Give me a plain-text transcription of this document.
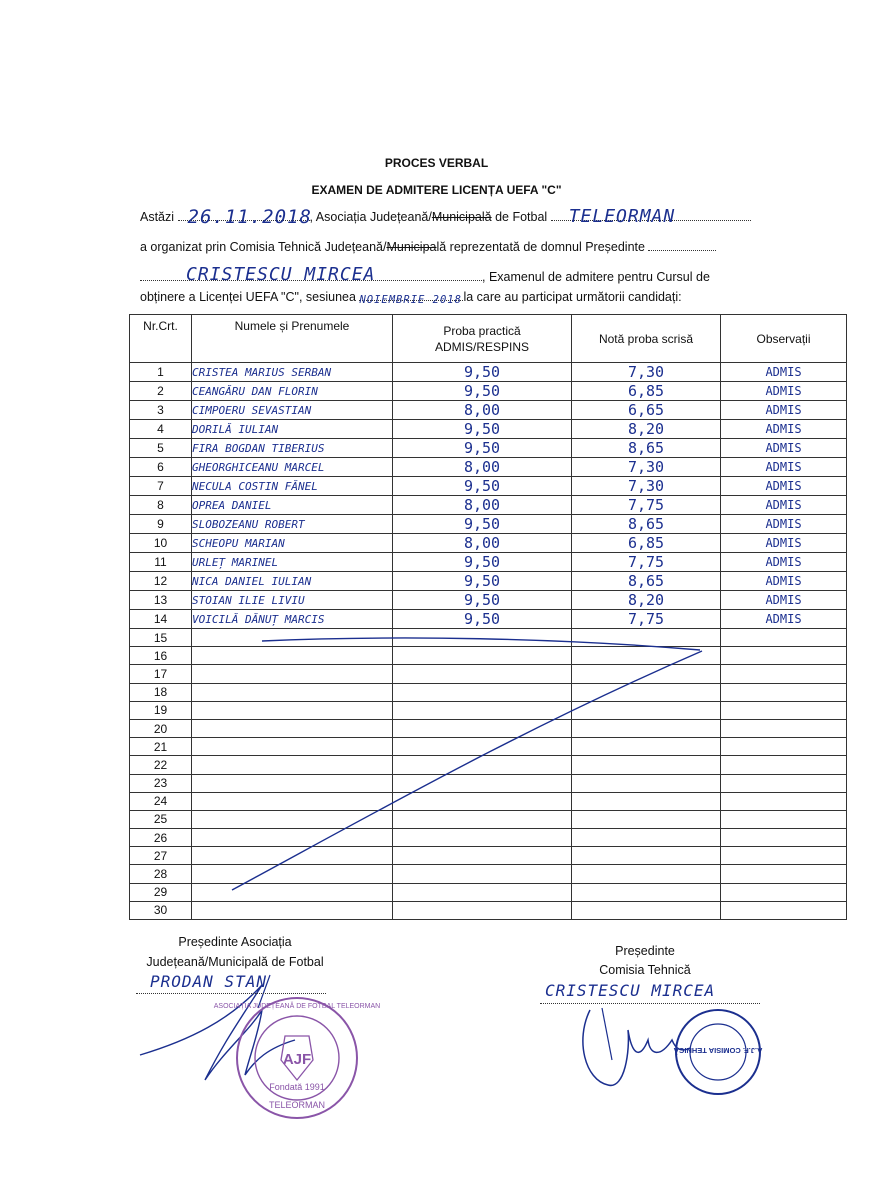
PROCES VERBAL
EXAMEN DE ADMITERE LICENȚA UEFA "C"
Astăzi 26.11.2018
, Asociația Județeană/Municipală de Fotbal TELEORMAN
a organizat prin Comisia Tehnică Județeană/Municipală reprezentată de domnul Președinte
CRISTESCU MIRCEA	, Examenul de admitere pentru Cursul de
obținere a Licenței UEFA "C", sesiunea NOIEMBRIE 2018 la care au participat următorii candidați:
Nr.Crt.	Numele și Prenumele	Proba practică ADMIS/RESPINS	Notă proba scrisă	Observații
1	CRISTEA MARIUS SERBAN	9,50	7,30	ADMIS
2	CEANGĂRU DAN FLORIN	9,50	6,85	ADMIS
3	CIMPOERU SEVASTIAN	8,00	6,65	ADMIS
4	DORILĂ IULIAN	9,50	8,20	ADMIS
5	FIRA BOGDAN TIBERIUS	9,50	8,65	ADMIS
6	GHEORGHICEANU MARCEL	8,00	7,30	ADMIS
7	NECULA COSTIN FĂNEL	9,50	7,30	ADMIS
8	OPREA DANIEL	8,00	7,75	ADMIS
9	SLOBOZEANU ROBERT	9,50	8,65	ADMIS
10	SCHEOPU MARIAN	8,00	6,85	ADMIS
11	URLEȚ MARINEL	9,50	7,75	ADMIS
12	NICA DANIEL IULIAN	9,50	8,65	ADMIS
13	STOIAN ILIE LIVIU	9,50	8,20	ADMIS
14	VOICILĂ DĂNUȚ MARCIS	9,50	7,75	ADMIS
15				
16				
17				
18				
19				
20				
21				
22				
23				
24				
25				
26				
27				
28				
29				
30				
AJF
Fondată 1991
TELEORMAN
ASOCIAȚIA JUDEȚEANĂ DE FOTBAL TELEORMAN
A.J.F. COMISIA TEHNICĂ
Președinte Asociația
Județeană/Municipală de Fotbal
PRODAN STAN
Președinte
Comisia Tehnică
CRISTESCU MIRCEA
